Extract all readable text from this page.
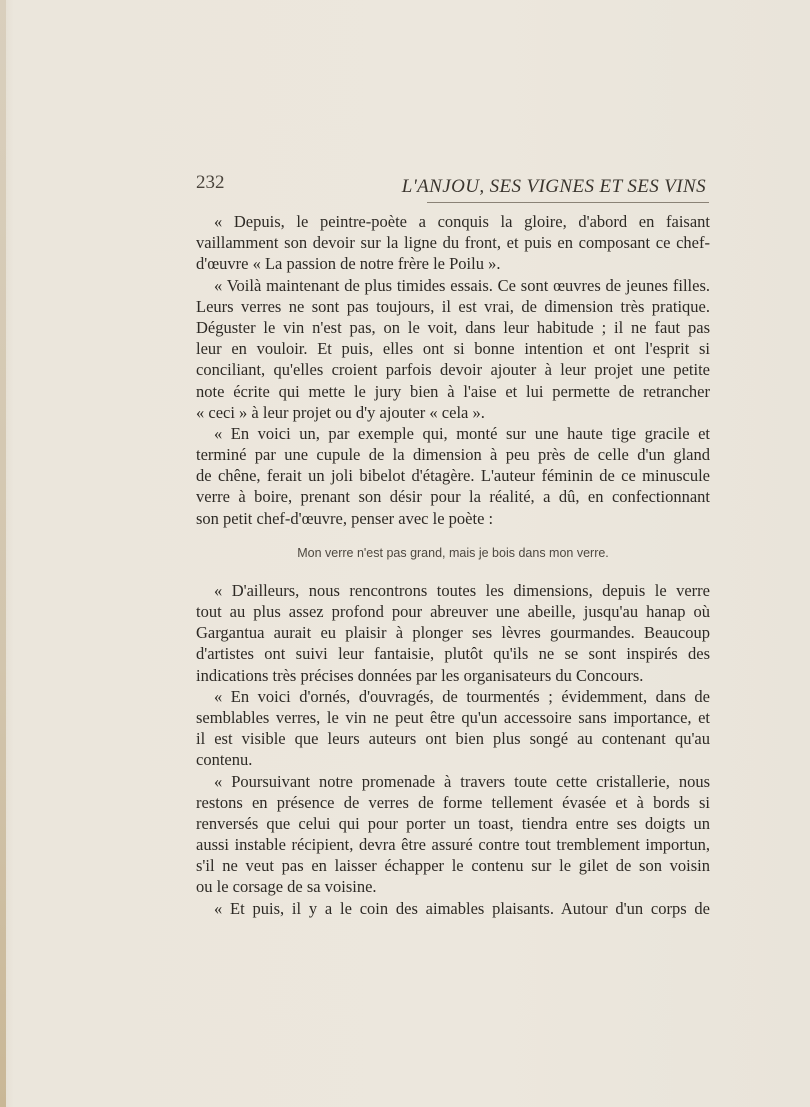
232	L'ANJOU, SES VIGNES ET SES VINS
« Depuis, le peintre-poète a conquis la gloire, d'abord en faisant
vaillamment son devoir sur la ligne du front, et puis en composant ce chef-
d'œuvre « La passion de notre frère le Poilu ».
« Voilà maintenant de plus timides essais. Ce sont œuvres de jeunes filles.
Leurs verres ne sont pas toujours, il est vrai, de dimension très pratique.
Déguster le vin n'est pas, on le voit, dans leur habitude ; il ne faut pas
leur en vouloir. Et puis, elles ont si bonne intention et ont l'esprit si
conciliant, qu'elles croient parfois devoir ajouter à leur projet une petite
note écrite qui mette le jury bien à l'aise et lui permette de retrancher
« ceci » à leur projet ou d'y ajouter « cela ».
« En voici un, par exemple qui, monté sur une haute tige gracile et
terminé par une cupule de la dimension à peu près de celle d'un gland
de chêne, ferait un joli bibelot d'étagère. L'auteur féminin de ce minuscule
verre à boire, prenant son désir pour la réalité, a dû, en confectionnant
son petit chef-d'œuvre, penser avec le poète :
Mon verre n'est pas grand, mais je bois dans mon verre.
« D'ailleurs, nous rencontrons toutes les dimensions, depuis le verre
tout au plus assez profond pour abreuver une abeille, jusqu'au hanap où
Gargantua aurait eu plaisir à plonger ses lèvres gourmandes. Beaucoup
d'artistes ont suivi leur fantaisie, plutôt qu'ils ne se sont inspirés des
indications très précises données par les organisateurs du Concours.
« En voici d'ornés, d'ouvragés, de tourmentés ; évidemment, dans de
semblables verres, le vin ne peut être qu'un accessoire sans importance, et
il est visible que leurs auteurs ont bien plus songé au contenant qu'au
contenu.
« Poursuivant notre promenade à travers toute cette cristallerie, nous
restons en présence de verres de forme tellement évasée et à bords si
renversés que celui qui pour porter un toast, tiendra entre ses doigts un
aussi instable récipient, devra être assuré contre tout tremblement importun,
s'il ne veut pas en laisser échapper le contenu sur le gilet de son voisin
ou le corsage de sa voisine.
« Et puis, il y a le coin des aimables plaisants. Autour d'un corps de
